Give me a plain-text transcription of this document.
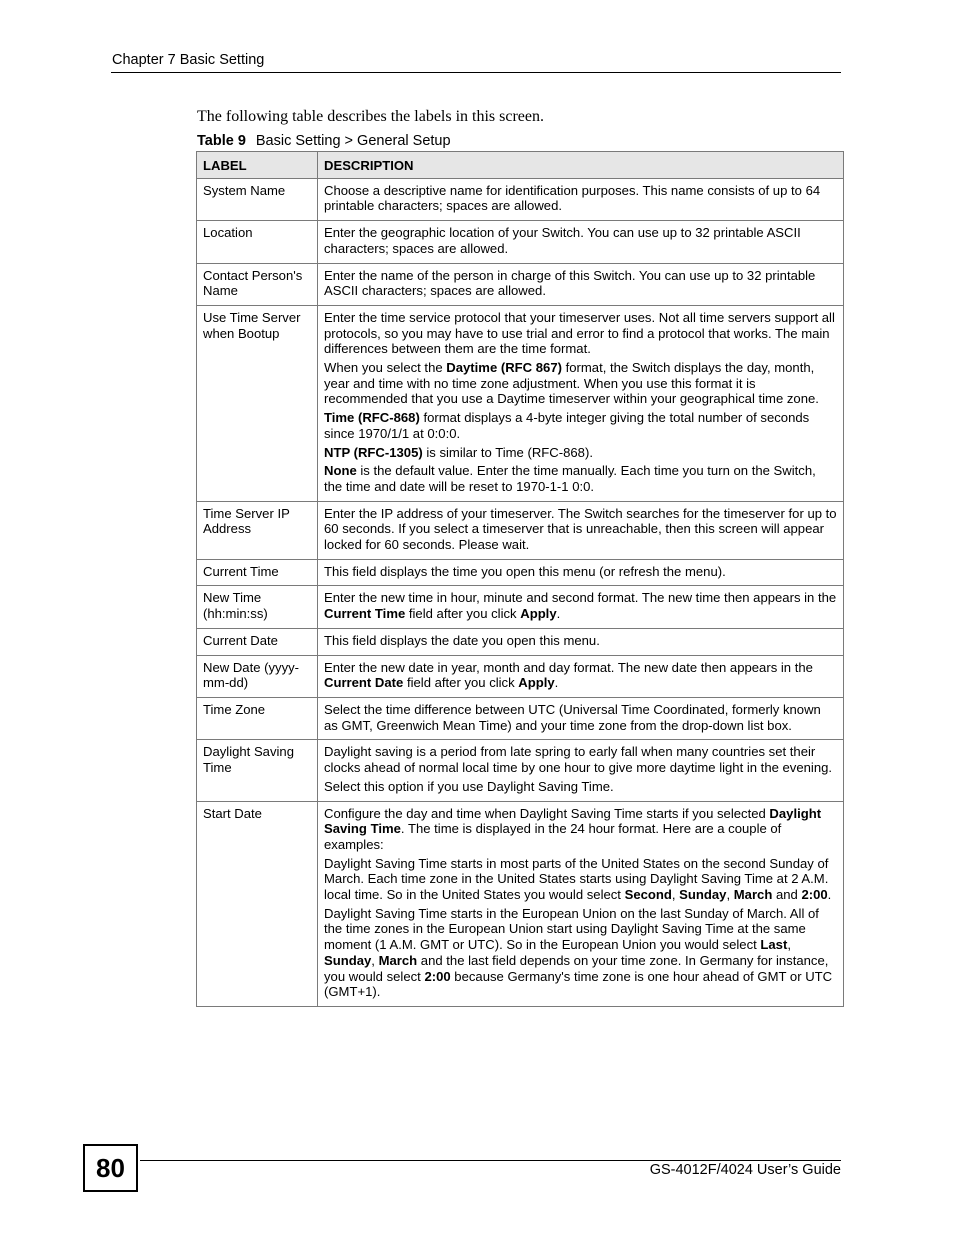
Chapter 7 Basic Setting
The following table describes the labels in this screen.
Table 9 Basic Setting > General Setup
LABEL	DESCRIPTION
System Name	Choose a descriptive name for identification purposes. This name consists of up to 64 printable characters; spaces are allowed.

Location	Enter the geographic location of your Switch. You can use up to 32 printable ASCII characters; spaces are allowed.

Contact Person's Name	Enter the name of the person in charge of this Switch. You can use up to 32 printable ASCII characters; spaces are allowed.

Use Time Server when Bootup	Enter the time service protocol that your timeserver uses. Not all time servers support all protocols, so you may have to use trial and error to find a protocol that works. The main differences between them are the time format.

When you select the Daytime (RFC 867) format, the Switch displays the day, month, year and time with no time zone adjustment. When you use this format it is recommended that you use a Daytime timeserver within your geographical time zone.

Time (RFC-868) format displays a 4-byte integer giving the total number of seconds since 1970/1/1 at 0:0:0.

NTP (RFC-1305) is similar to Time (RFC-868).

None is the default value. Enter the time manually. Each time you turn on the Switch, the time and date will be reset to 1970-1-1 0:0.

Time Server IP Address	Enter the IP address of your timeserver. The Switch searches for the timeserver for up to 60 seconds. If you select a timeserver that is unreachable, then this screen will appear locked for 60 seconds. Please wait.

Current Time	This field displays the time you open this menu (or refresh the menu).

New Time (hh:min:ss)	Enter the new time in hour, minute and second format. The new time then appears in the Current Time field after you click Apply.

Current Date	This field displays the date you open this menu.

New Date (yyyy-mm-dd)	Enter the new date in year, month and day format. The new date then appears in the Current Date field after you click Apply.

Time Zone	Select the time difference between UTC (Universal Time Coordinated, formerly known as GMT, Greenwich Mean Time) and your time zone from the drop-down list box.

Daylight Saving Time	Daylight saving is a period from late spring to early fall when many countries set their clocks ahead of normal local time by one hour to give more daytime light in the evening.

Select this option if you use Daylight Saving Time.

Start Date	Configure the day and time when Daylight Saving Time starts if you selected Daylight Saving Time. The time is displayed in the 24 hour format. Here are a couple of examples:

Daylight Saving Time starts in most parts of the United States on the second Sunday of March. Each time zone in the United States starts using Daylight Saving Time at 2 A.M. local time. So in the United States you would select Second, Sunday, March and 2:00.

Daylight Saving Time starts in the European Union on the last Sunday of March. All of the time zones in the European Union start using Daylight Saving Time at the same moment (1 A.M. GMT or UTC). So in the European Union you would select Last, Sunday, March and the last field depends on your time zone. In Germany for instance, you would select 2:00 because Germany's time zone is one hour ahead of GMT or UTC (GMT+1).

80	GS-4012F/4024 User’s Guide
